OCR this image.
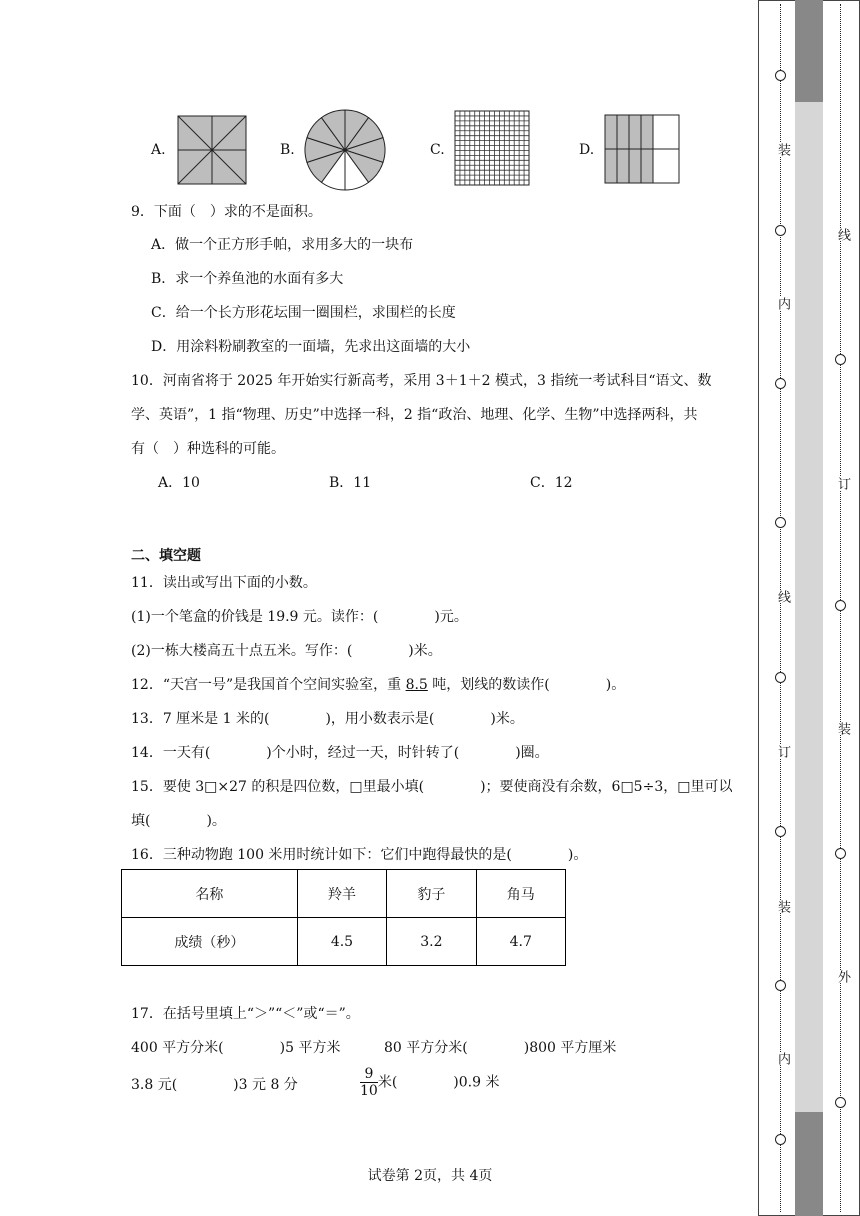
A.	B.	C.	D.
9．下面（　）求的不是面积。
A．做一个正方形手帕，求用多大的一块布
B．求一个养鱼池的水面有多大
C．给一个长方形花坛围一圈围栏，求围栏的长度
D．用涂料粉刷教室的一面墙，先求出这面墙的大小
10．河南省将于 2025 年开始实行新高考，采用 3＋1＋2 模式，3 指统一考试科目“语文、数
学、英语”，1 指“物理、历史”中选择一科，2 指“政治、地理、化学、生物”中选择两科，共
有（　）种选科的可能。
A．10	B．11	C．12
二、填空题
11．读出或写出下面的小数。
(1)一个笔盒的价钱是 19.9 元。读作：(　　　　)元。
(2)一栋大楼高五十点五米。写作：(　　　　)米。
12．“天宫一号”是我国首个空间实验室，重 8.5 吨，划线的数读作(　　　　)。
13．7 厘米是 1 米的(　　　　)，用小数表示是(　　　　)米。
14．一天有(　　　　)个小时，经过一天，时针转了(　　　　)圈。
15．要使 3□×27 的积是四位数，□里最小填(　　　　)；要使商没有余数，6□5÷3，□里可以
填(　　　　)。
16．三种动物跑 100 米用时统计如下：它们中跑得最快的是(　　　　)。
名称	羚羊	豹子	角马
成绩（秒）	4.5	3.2	4.7
17．在括号里填上“＞”“＜”或“＝”。
400 平方分米(　　　　)5 平方米	80 平方分米(　　　　)800 平方厘米
3.8 元(　　　　)3 元 8 分	$\frac{9}{10}$ 米(　　　　)0.9 米
试卷第 2页，共 4页
装
内
线
订
装
内
线
订
装
外
